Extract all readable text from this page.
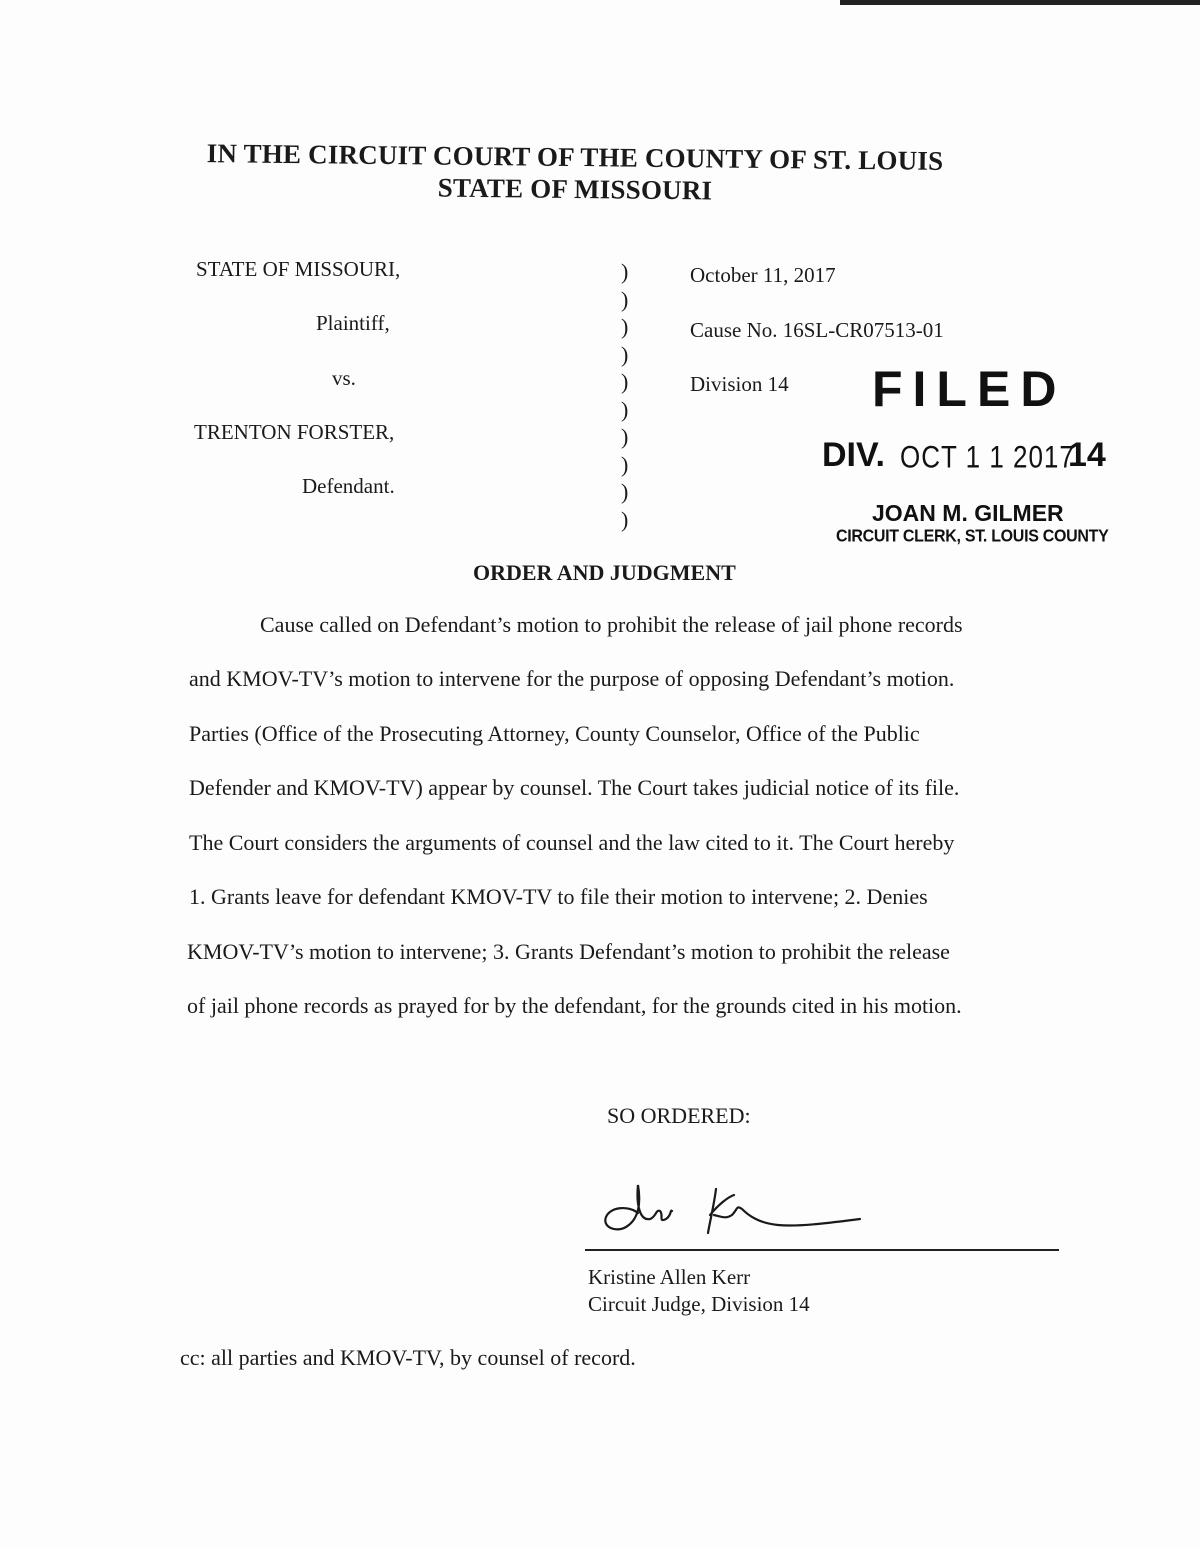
IN THE CIRCUIT COURT OF THE COUNTY OF ST. LOUIS
STATE OF MISSOURI
STATE OF MISSOURI,
Plaintiff,
vs.
TRENTON FORSTER,
Defendant.
)
)
)
)
)
)
)
)
)
)
October 11, 2017
Cause No. 16SL-CR07513-01
Division 14 FILED
DIV. OCT 1 1 2017
14
JOAN M. GILMER
CIRCUIT CLERK, ST. LOUIS COUNTY
ORDER AND JUDGMENT
Cause called on Defendant’s motion to prohibit the release of jail phone records
and KMOV-TV’s motion to intervene for the purpose of opposing Defendant’s motion.
Parties (Office of the Prosecuting Attorney, County Counselor, Office of the Public
Defender and KMOV-TV) appear by counsel. The Court takes judicial notice of its file.
The Court considers the arguments of counsel and the law cited to it. The Court hereby
1. Grants leave for defendant KMOV-TV to file their motion to intervene; 2. Denies
KMOV-TV’s motion to intervene; 3. Grants Defendant’s motion to prohibit the release
of jail phone records as prayed for by the defendant, for the grounds cited in his motion.
SO ORDERED:
Kristine Allen Kerr
Circuit Judge, Division 14
cc: all parties and KMOV-TV, by counsel of record.
